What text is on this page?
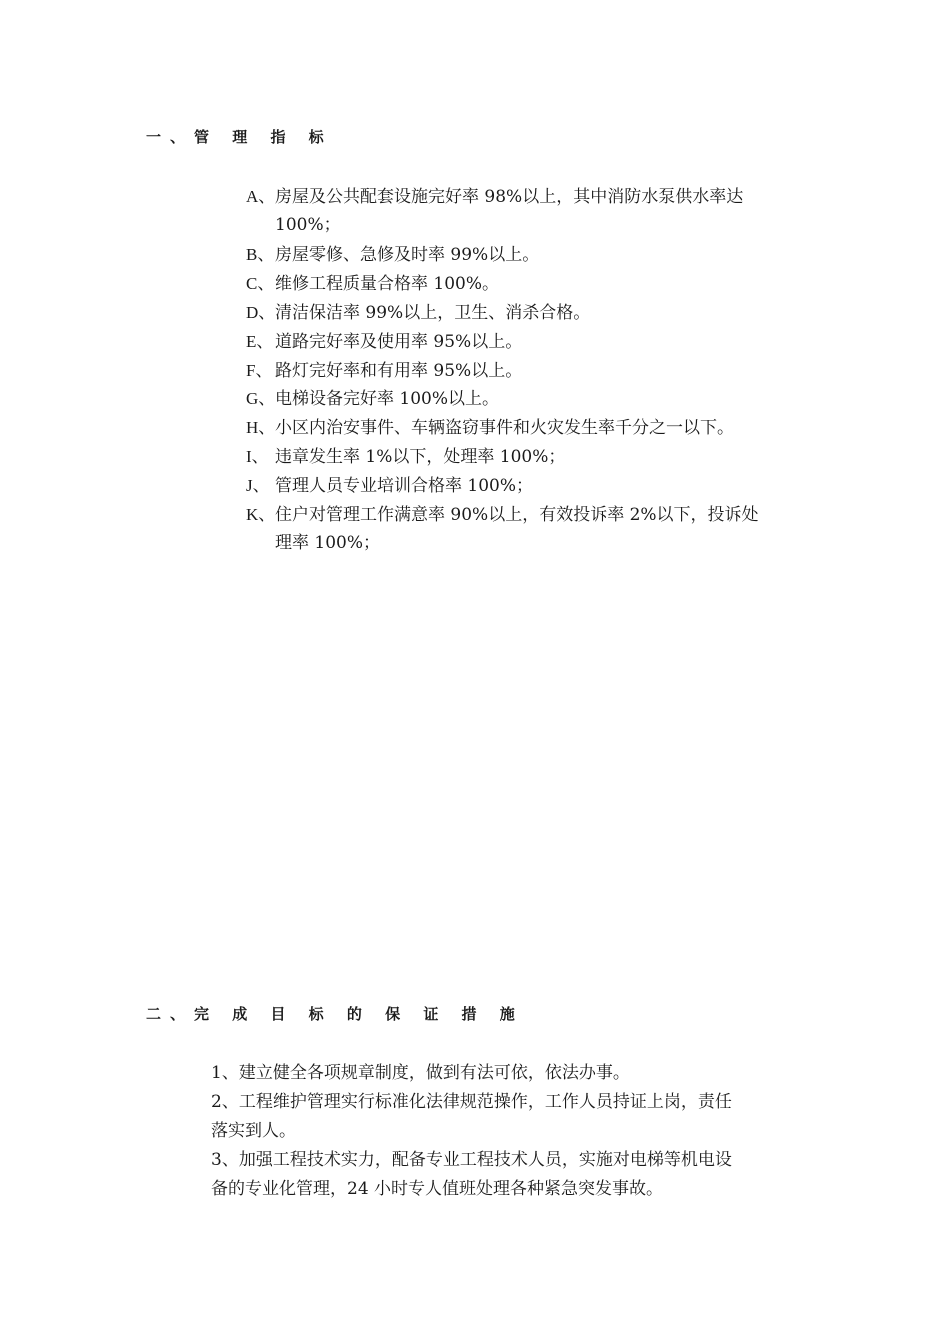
一、管 理 指 标

A、房屋及公共配套设施完好率 98%以上，其中消防水泵供水率达

100%；

B、房屋零修、急修及时率 99%以上。

C、维修工程质量合格率 100%。

D、清洁保洁率 99%以上，卫生、消杀合格。

E、道路完好率及使用率 95%以上。

F、 路灯完好率和有用率 95%以上。

G、电梯设备完好率 100%以上。

H、小区内治安事件、车辆盗窃事件和火灾发生率千分之一以下。

I、 违章发生率 1%以下，处理率 100%；

J、 管理人员专业培训合格率 100%；

K、住户对管理工作满意率 90%以上，有效投诉率 2%以下，投诉处

理率 100%；

二、完 成 目 标 的 保 证 措 施

1、建立健全各项规章制度，做到有法可依，依法办事。

2、工程维护管理实行标准化法律规范操作，工作人员持证上岗，责任

落实到人。

3、加强工程技术实力，配备专业工程技术人员，实施对电梯等机电设

备的专业化管理，24 小时专人值班处理各种紧急突发事故。
